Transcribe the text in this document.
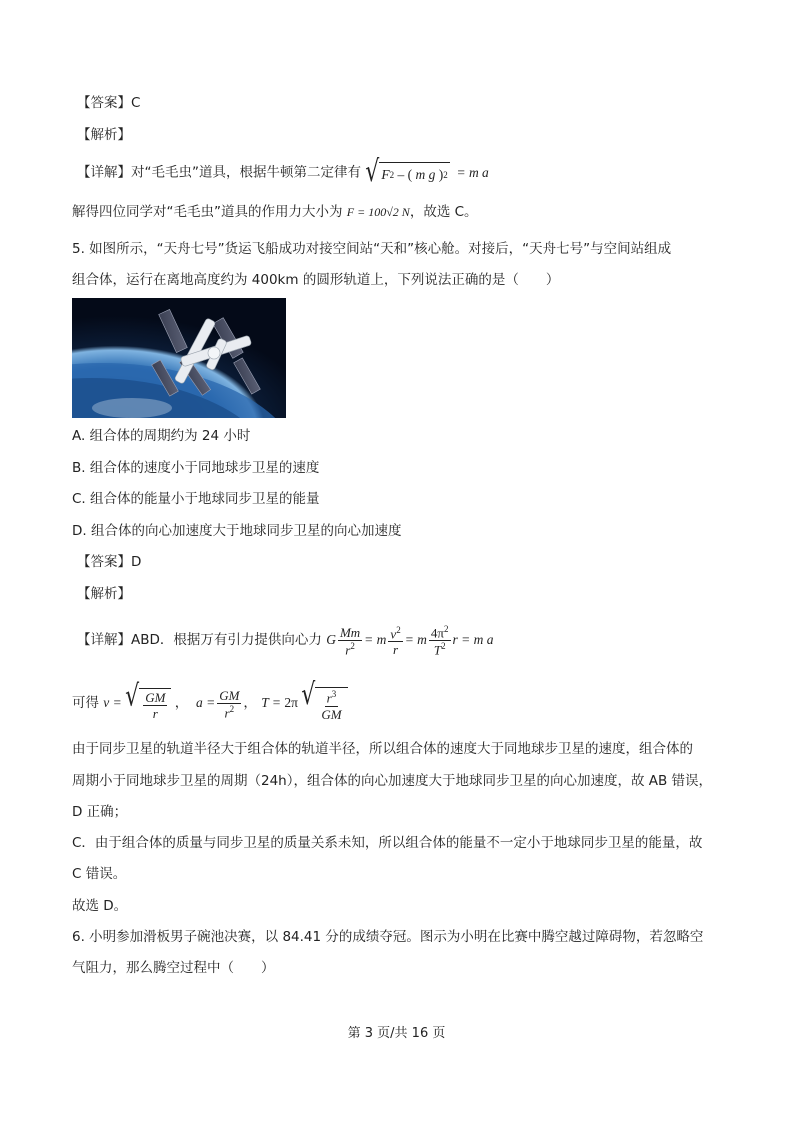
【答案】C
【解析】
【详解】对“毛毛虫”道具，根据牛顿第二定律有 √ F 2 – (
m g
) 2 = m a
解得四位同学对“毛毛虫”道具的作用力大小为 F = 100√2 N，故选 C。
5. 如图所示，“天舟七号”货运飞船成功对接空间站“天和”核心舱。对接后，“天舟七号”与空间站组成
组合体，运行在离地高度约为 400km 的圆形轨道上，下列说法正确的是（　　）
A. 组合体的周期约为 24 小时
B. 组合体的速度小于同地球步卫星的速度
C. 组合体的能量小于地球同步卫星的能量
D. 组合体的向心加速度大于地球同步卫星的向心加速度
【答案】D
【解析】
【详解】ABD．根据万有引力提供向心力 G $\frac{Mm}{r^2} = m \frac{v^2}{r} = m \frac{4\pi^2}{T^2}$ r = m a
可得 v = √ $\frac{GM}{r}$ ，  $a = \frac{GM}{r^2}$ ， T = 2π √ $\frac{r^3}{GM}$
由于同步卫星的轨道半径大于组合体的轨道半径，所以组合体的速度大于同地球步卫星的速度，组合体的
周期小于同地球步卫星的周期（24h），组合体的向心加速度大于地球同步卫星的向心加速度，故 AB 错误，
D 正确；
C．由于组合体的质量与同步卫星的质量关系未知，所以组合体的能量不一定小于地球同步卫星的能量，故
C 错误。
故选 D。
6. 小明参加滑板男子碗池决赛，以 84.41 分的成绩夺冠。图示为小明在比赛中腾空越过障碍物，若忽略空
气阻力，那么腾空过程中（　　）
第 3 页/共 16 页
